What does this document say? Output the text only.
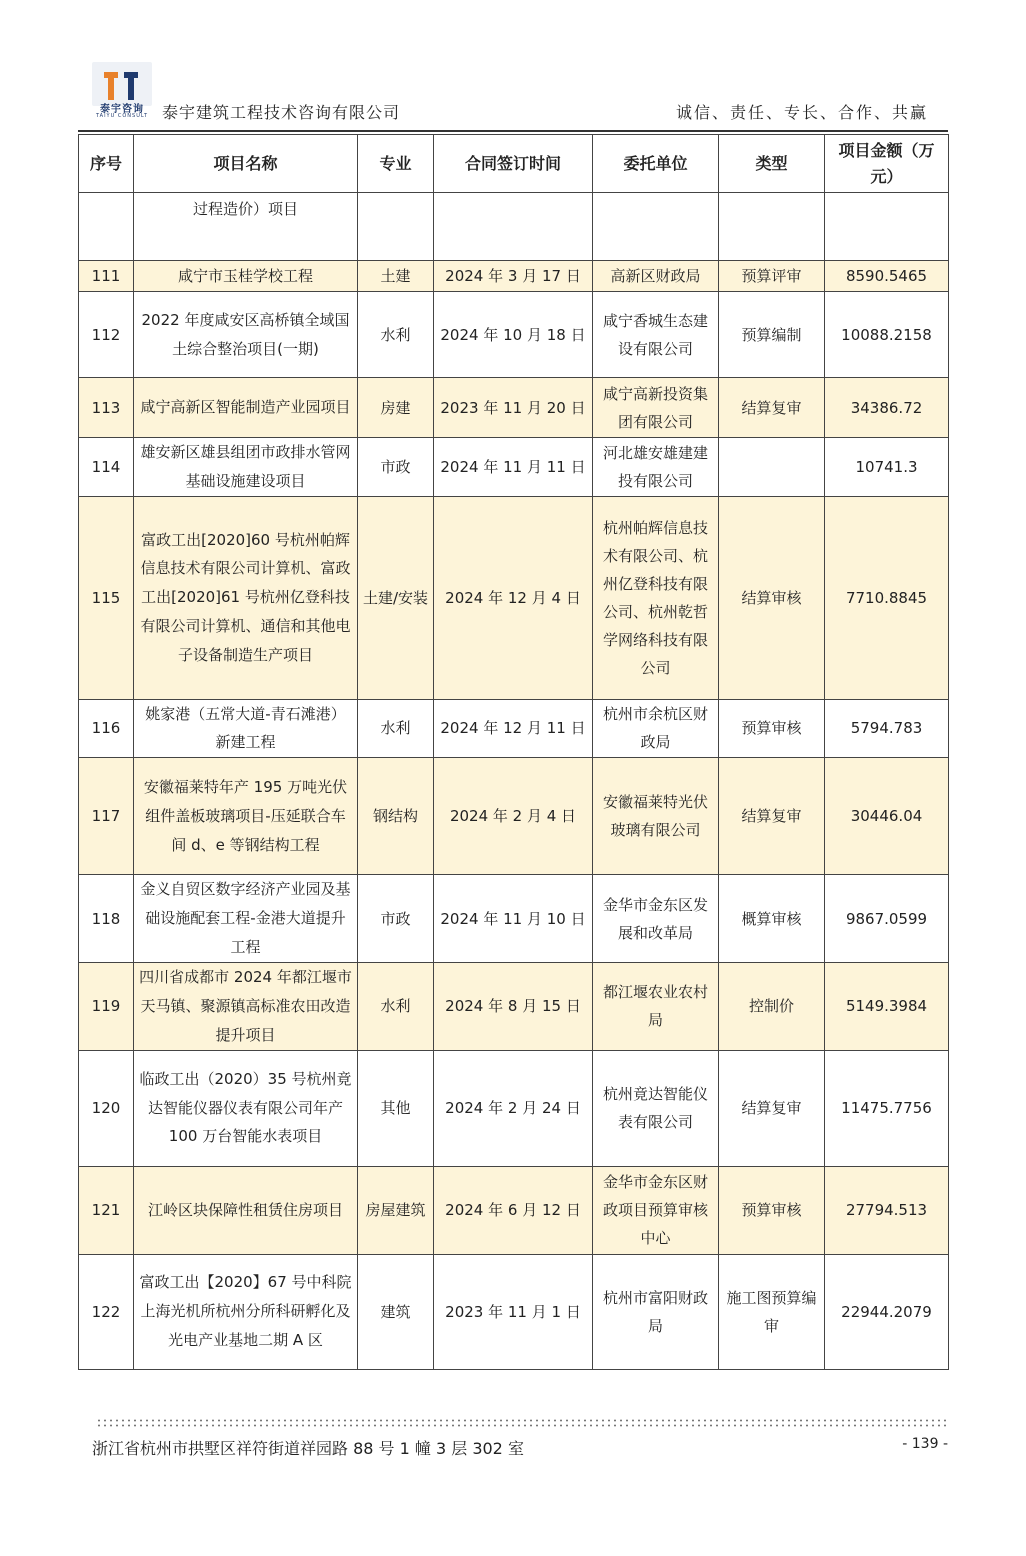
泰宇咨询
TAIYU CONSULT 泰宇建筑工程技术咨询有限公司	诚信、责任、专长、合作、共赢
序号	项目名称	专业	合同签订时间	委托单位	类型	项目金额（万元）
	过程造价）项目					
111	咸宁市玉桂学校工程	土建	2024 年 3 月 17 日	高新区财政局	预算评审	8590.5465
112	2022 年度咸安区高桥镇全域国土综合整治项目(一期)	水利	2024 年 10 月 18 日	咸宁香城生态建设有限公司	预算编制	10088.2158
113	咸宁高新区智能制造产业园项目	房建	2023 年 11 月 20 日	咸宁高新投资集团有限公司	结算复审	34386.72
114	雄安新区雄县组团市政排水管网基础设施建设项目	市政	2024 年 11 月 11 日	河北雄安雄建建投有限公司		10741.3
115	富政工出[2020]60 号杭州帕辉信息技术有限公司计算机、富政工出[2020]61 号杭州亿登科技有限公司计算机、通信和其他电子设备制造生产项目	土建/安装	2024 年 12 月 4 日	杭州帕辉信息技术有限公司、杭州亿登科技有限公司、杭州乾哲学网络科技有限公司	结算审核	7710.8845
116	姚家港（五常大道-青石滩港）新建工程	水利	2024 年 12 月 11 日	杭州市余杭区财政局	预算审核	5794.783
117	安徽福莱特年产 195 万吨光伏组件盖板玻璃项目-压延联合车间 d、e 等钢结构工程	钢结构	2024 年 2 月 4 日	安徽福莱特光伏玻璃有限公司	结算复审	30446.04
118	金义自贸区数字经济产业园及基础设施配套工程-金港大道提升工程	市政	2024 年 11 月 10 日	金华市金东区发展和改革局	概算审核	9867.0599
119	四川省成都市 2024 年都江堰市天马镇、聚源镇高标准农田改造提升项目	水利	2024 年 8 月 15 日	都江堰农业农村局	控制价	5149.3984
120	临政工出（2020）35 号杭州竟达智能仪器仪表有限公司年产 100 万台智能水表项目	其他	2024 年 2 月 24 日	杭州竟达智能仪表有限公司	结算复审	11475.7756
121	江岭区块保障性租赁住房项目	房屋建筑	2024 年 6 月 12 日	金华市金东区财政项目预算审核中心	预算审核	27794.513
122	富政工出【2020】67 号中科院上海光机所杭州分所科研孵化及光电产业基地二期 A 区	建筑	2023 年 11 月 1 日	杭州市富阳财政局	施工图预算编审	22944.2079
浙江省杭州市拱墅区祥符街道祥园路 88 号 1 幢 3 层 302 室	- 139 -
